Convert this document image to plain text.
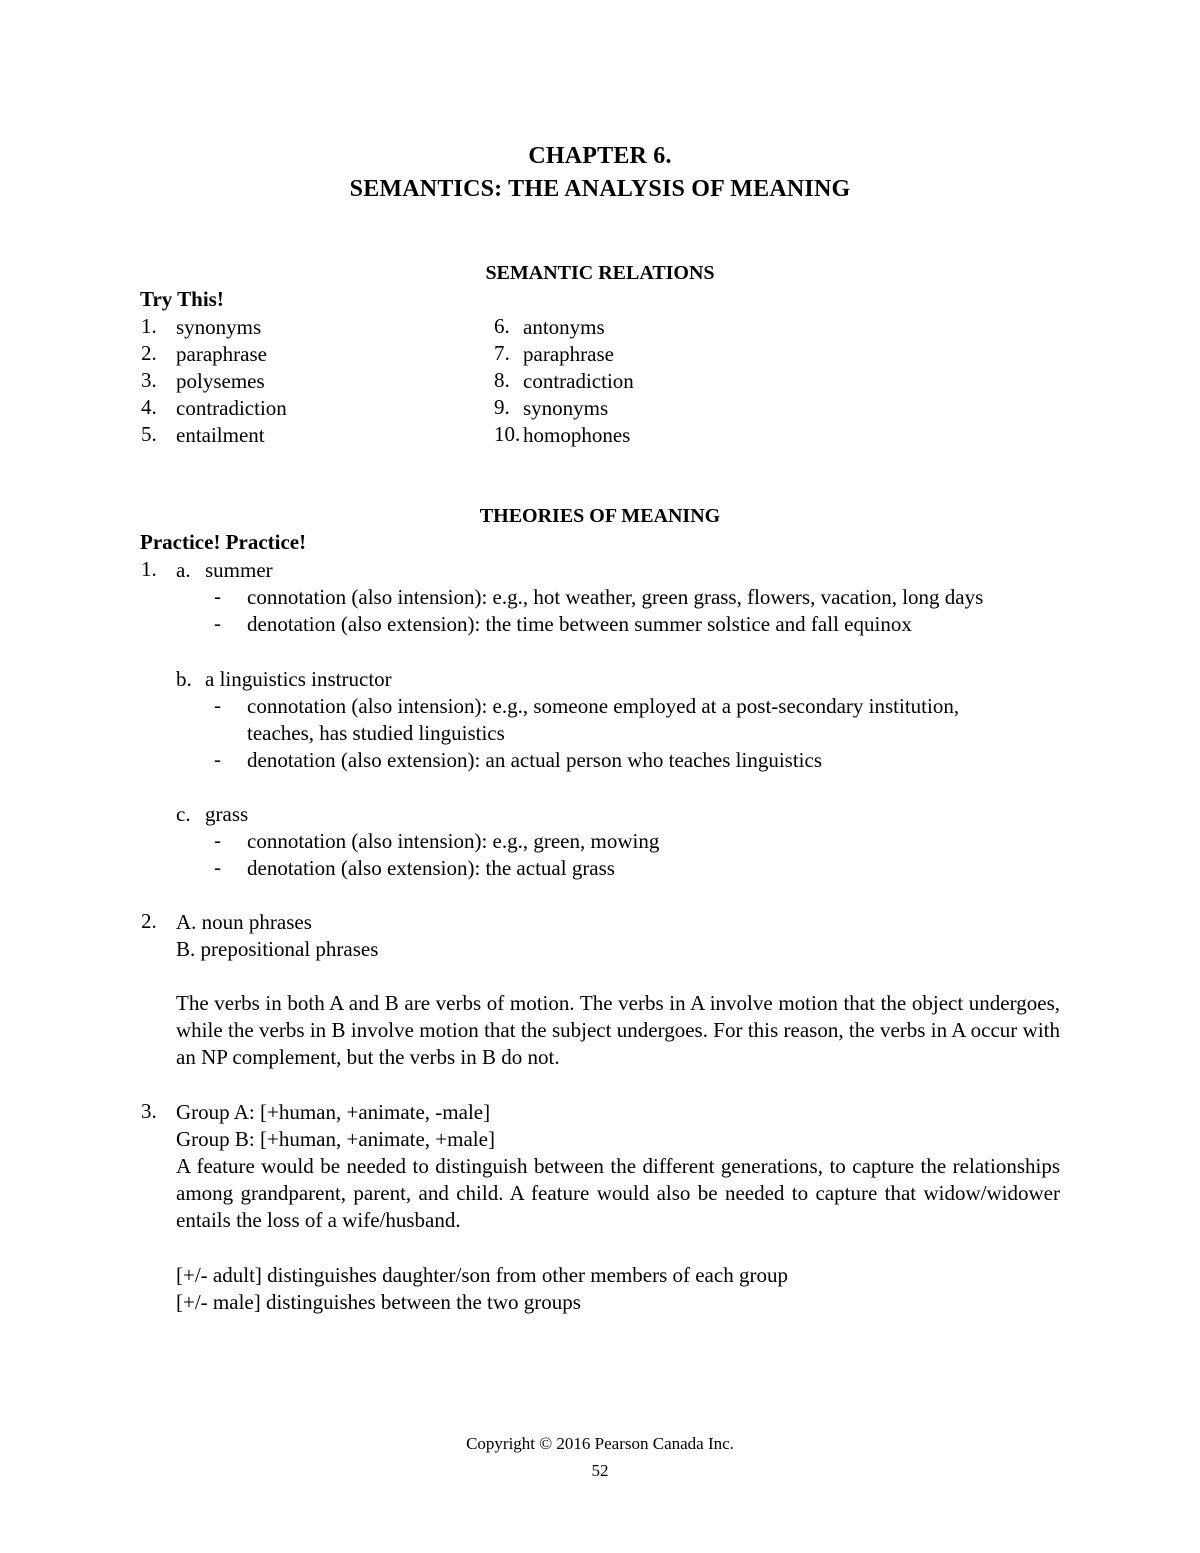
CHAPTER 6.
SEMANTICS: THE ANALYSIS OF MEANING
SEMANTIC RELATIONS
Try This!
1. synonyms
2. paraphrase
3. polysemes
4. contradiction
5. entailment
6. antonyms
7. paraphrase
8. contradiction
9. synonyms
10. homophones
THEORIES OF MEANING
Practice! Practice!
1. a. summer
- connotation (also intension): e.g., hot weather, green grass, flowers, vacation, long days
- denotation (also extension): the time between summer solstice and fall equinox
b. a linguistics instructor
- connotation (also intension): e.g., someone employed at a post-secondary institution,
teaches, has studied linguistics
- denotation (also extension): an actual person who teaches linguistics
c. grass
- connotation (also intension): e.g., green, mowing
- denotation (also extension): the actual grass
2. A. noun phrases
B. prepositional phrases
The verbs in both A and B are verbs of motion. The verbs in A involve motion that the object undergoes, while the verbs in B involve motion that the subject undergoes. For this reason, the verbs in A occur with an NP complement, but the verbs in B do not.
3. Group A: [+human, +animate, -male]
Group B: [+human, +animate, +male]
A feature would be needed to distinguish between the different generations, to capture the relationships among grandparent, parent, and child. A feature would also be needed to capture that widow/widower entails the loss of a wife/husband.
[+/- adult] distinguishes daughter/son from other members of each group
[+/- male] distinguishes between the two groups
Copyright © 2016 Pearson Canada Inc.
52
